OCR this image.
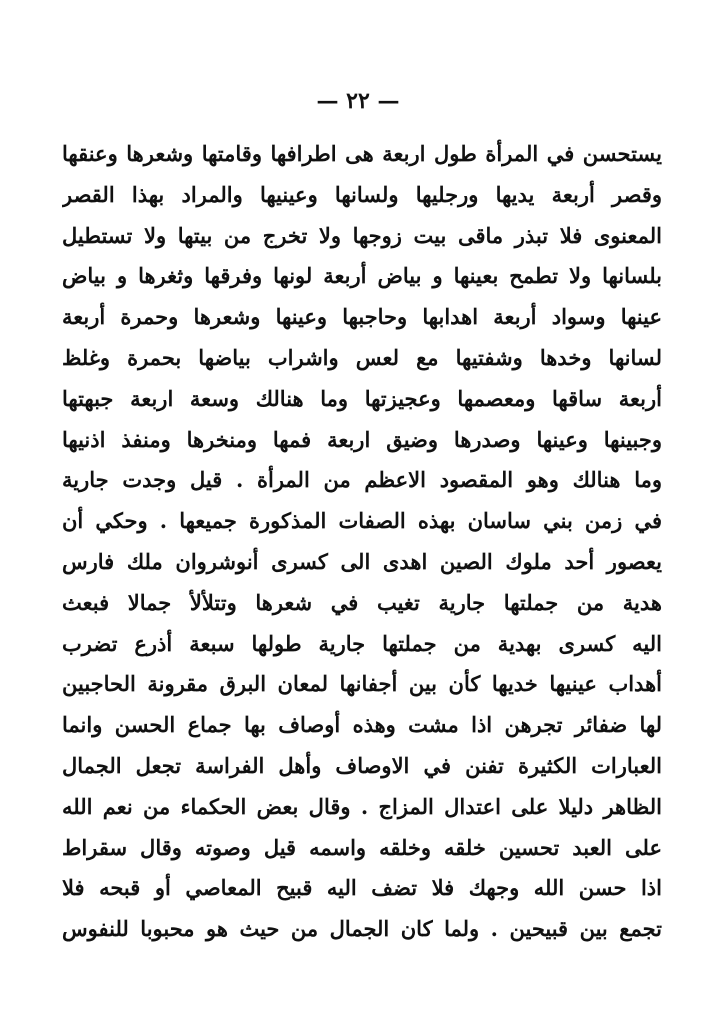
— ٢٢ —
يستحسن في المرأة طول اربعة هى اطرافها وقامتها وشعرها وعنقها
وقصر أربعة يديها ورجليها ولسانها وعينيها والمراد بهذا القصر
المعنوى فلا تبذر ماقى بيت زوجها ولا تخرج من بيتها ولا تستطيل
بلسانها ولا تطمح بعينها و بياض أربعة لونها وفرقها وثغرها و بياض
عينها وسواد أربعة اهدابها وحاجبها وعينها وشعرها وحمرة أربعة
لسانها وخدها وشفتيها مع لعس واشراب بياضها بحمرة وغلظ
أربعة ساقها ومعصمها وعجيزتها وما هنالك وسعة اربعة جبهتها
وجبينها وعينها وصدرها وضيق اربعة فمها ومنخرها ومنفذ اذنيها
وما هنالك وهو المقصود الاعظم من المرأة . قيل وجدت جارية
في زمن بني ساسان بهذه الصفات المذكورة جميعها . وحكي أن
يعصور أحد ملوك الصين اهدى الى كسرى أنوشروان ملك فارس
هدية من جملتها جارية تغيب في شعرها وتتلألأ جمالا فبعث
اليه كسرى بهدية من جملتها جارية طولها سبعة أذرع تضرب
أهداب عينيها خديها كأن بين أجفانها لمعان البرق مقرونة الحاجبين
لها ضفائر تجرهن اذا مشت وهذه أوصاف بها جماع الحسن وانما
العبارات الكثيرة تفنن في الاوصاف وأهل الفراسة تجعل الجمال
الظاهر دليلا على اعتدال المزاج . وقال بعض الحكماء من نعم الله
على العبد تحسين خلقه وخلقه واسمه قيل وصوته وقال سقراط
اذا حسن الله وجهك فلا تضف اليه قبيح المعاصي أو قبحه فلا
تجمع بين قبيحين . ولما كان الجمال من حيث هو محبوبا للنفوس
